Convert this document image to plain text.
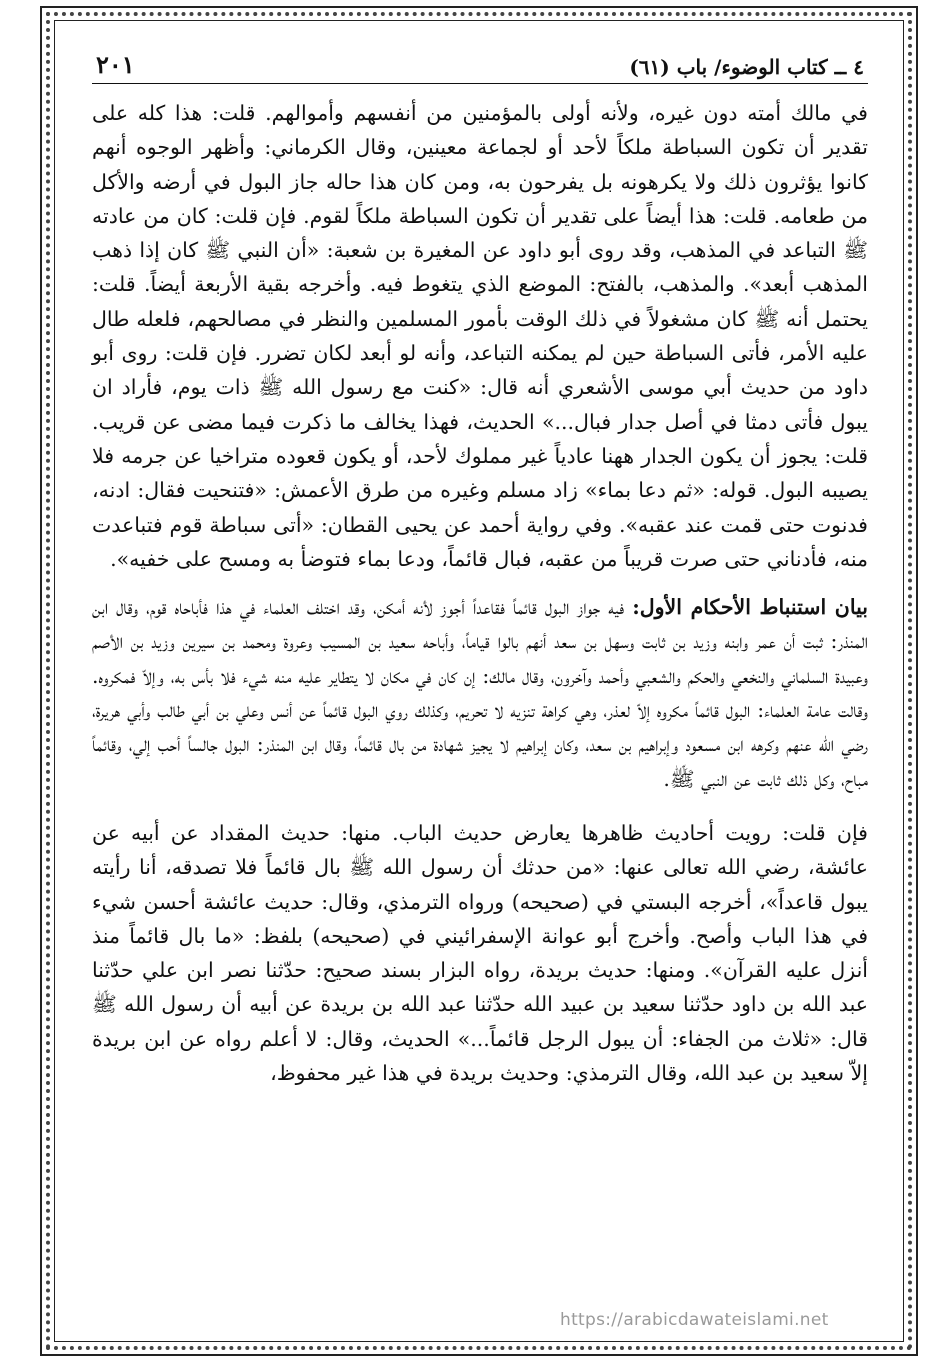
٤ ــ كتاب الوضوء/ باب (٦١)
٢٠١

في مالك أمته دون غيره، ولأنه أولى بالمؤمنين من أنفسهم وأموالهم. قلت: هذا كله على تقدير أن تكون السباطة ملكاً لأحد أو لجماعة معينين، وقال الكرماني: وأظهر الوجوه أنهم كانوا يؤثرون ذلك ولا يكرهونه بل يفرحون به، ومن كان هذا حاله جاز البول في أرضه والأكل من طعامه. قلت: هذا أيضاً على تقدير أن تكون السباطة ملكاً لقوم. فإن قلت: كان من عادته ﷺ التباعد في المذهب، وقد روى أبو داود عن المغيرة بن شعبة: «أن النبي ﷺ كان إذا ذهب المذهب أبعد». والمذهب، بالفتح: الموضع الذي يتغوط فيه. وأخرجه بقية الأربعة أيضاً. قلت: يحتمل أنه ﷺ كان مشغولاً في ذلك الوقت بأمور المسلمين والنظر في مصالحهم، فلعله طال عليه الأمر، فأتى السباطة حين لم يمكنه التباعد، وأنه لو أبعد لكان تضرر. فإن قلت: روى أبو داود من حديث أبي موسى الأشعري أنه قال: «كنت مع رسول الله ﷺ ذات يوم، فأراد ان يبول فأتى دمثا في أصل جدار فبال...» الحديث، فهذا يخالف ما ذكرت فيما مضى عن قريب. قلت: يجوز أن يكون الجدار ههنا عادياً غير مملوك لأحد، أو يكون قعوده متراخيا عن جرمه فلا يصيبه البول. قوله: «ثم دعا بماء» زاد مسلم وغيره من طرق الأعمش: «فتنحيت فقال: ادنه، فدنوت حتى قمت عند عقبه». وفي رواية أحمد عن يحيى القطان: «أتى سباطة قوم فتباعدت منه، فأدناني حتى صرت قريباً من عقبه، فبال قائماً، ودعا بماء فتوضأ به ومسح على خفيه».

بيان استنباط الأحكام الأول: فيه جواز البول قائماً فقاعداً أجوز لأنه أمكن، وقد اختلف العلماء في هذا فأباحاه قوم، وقال ابن المنذر: ثبت أن عمر وابنه وزيد بن ثابت وسهل بن سعد أنهم بالوا قياماً، وأباحه سعيد بن المسيب وعروة ومحمد بن سيرين وزيد بن الأصم وعبيدة السلماني والنخعي والحكم والشعبي وأحمد وآخرون، وقال مالك: إن كان في مكان لا يتطاير عليه منه شيء فلا بأس به، وإلاّ فمكروه. وقالت عامة العلماء: البول قائماً مكروه إلاّ لعذر، وهي كراهة تنزيه لا تحريم، وكذلك روي البول قائماً عن أنس وعلي بن أبي طالب وأبي هريرة، رضي الله عنهم وكرهه ابن مسعود وإبراهيم بن سعد، وكان إبراهيم لا يجيز شهادة من بال قائماً، وقال ابن المنذر: البول جالساً أحب إلي، وقائماً مباح، وكل ذلك ثابت عن النبي ﷺ.

فإن قلت: رويت أحاديث ظاهرها يعارض حديث الباب. منها: حديث المقداد عن أبيه عن عائشة، رضي الله تعالى عنها: «من حدثك أن رسول الله ﷺ بال قائماً فلا تصدقه، أنا رأيته يبول قاعداً»، أخرجه البستي في (صحيحه) ورواه الترمذي، وقال: حديث عائشة أحسن شيء في هذا الباب وأصح. وأخرج أبو عوانة الإسفرائيني في (صحيحه) بلفظ: «ما بال قائماً منذ أنزل عليه القرآن». ومنها: حديث بريدة، رواه البزار بسند صحيح: حدّثنا نصر ابن علي حدّثنا عبد الله بن داود حدّثنا سعيد بن عبيد الله حدّثنا عبد الله بن بريدة عن أبيه أن رسول الله ﷺ قال: «ثلاث من الجفاء: أن يبول الرجل قائماً...» الحديث، وقال: لا أعلم رواه عن ابن بريدة إلاّ سعيد بن عبد الله، وقال الترمذي: وحديث بريدة في هذا غير محفوظ،

https://arabicdawateislami.net
